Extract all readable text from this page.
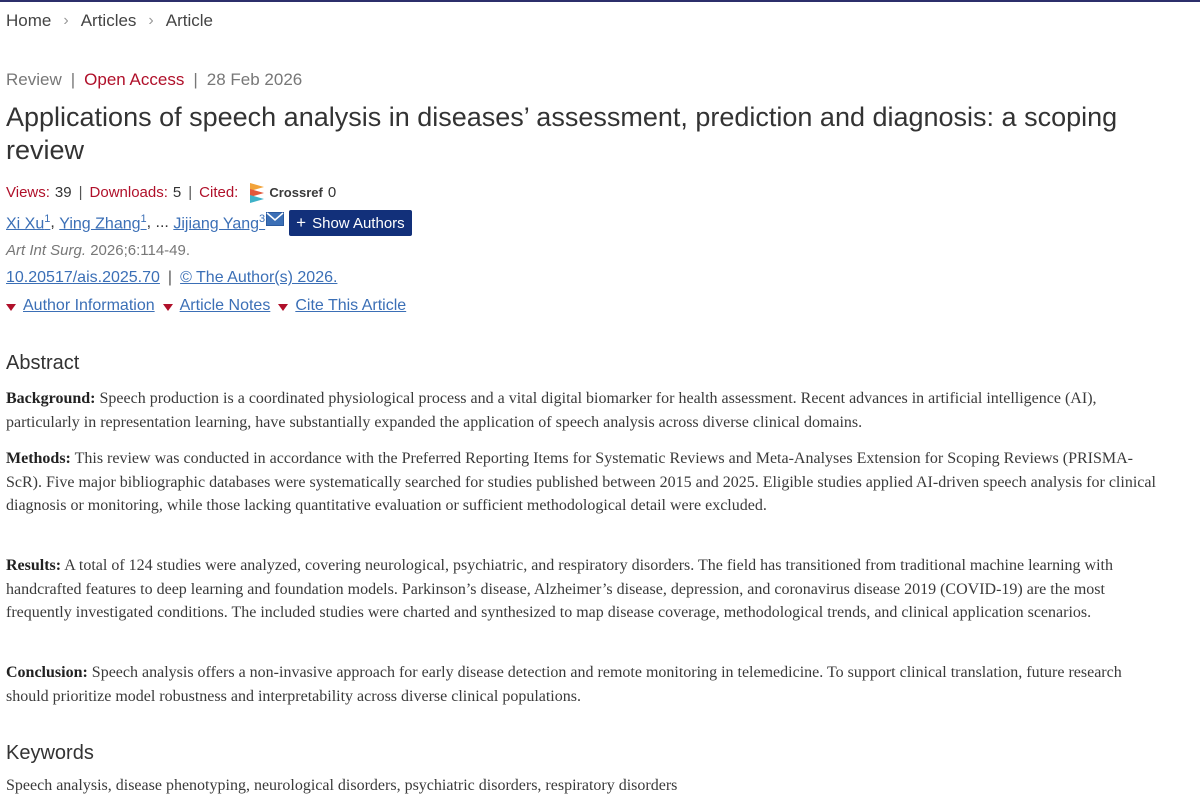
Home › Articles › Article
Review | Open Access | 28 Feb 2026
Applications of speech analysis in diseases’ assessment, prediction and diagnosis: a scoping review
Views: 39 | Downloads: 5 | Cited: Crossref 0
Xi Xu$^1$ , Ying Zhang$^1$ , ...
Jijiang Yang$^3$ + Show Authors
Art Int Surg. 2026;6:114-49.
10.20517/ais.2025.70 | © The Author(s) 2026.
Author Information Article Notes Cite This Article
Abstract

Background: Speech production is a coordinated physiological process and a vital digital biomarker for health assessment. Recent advances in artificial intelligence (AI), particularly in representation learning, have substantially expanded the application of speech analysis across diverse clinical domains.

Methods: This review was conducted in accordance with the Preferred Reporting Items for Systematic Reviews and Meta-Analyses Extension for Scoping Reviews (PRISMA-ScR). Five major bibliographic databases were systematically searched for studies published between 2015 and 2025. Eligible studies applied AI-driven speech analysis for clinical diagnosis or monitoring, while those lacking quantitative evaluation or sufficient methodological detail were excluded.

Results: A total of 124 studies were analyzed, covering neurological, psychiatric, and respiratory disorders. The field has transitioned from traditional machine learning with handcrafted features to deep learning and foundation models. Parkinson’s disease, Alzheimer’s disease, depression, and coronavirus disease 2019 (COVID-19) are the most frequently investigated conditions. The included studies were charted and synthesized to map disease coverage, methodological trends, and clinical application scenarios.

Conclusion: Speech analysis offers a non-invasive approach for early disease detection and remote monitoring in telemedicine. To support clinical translation, future research should prioritize model robustness and interpretability across diverse clinical populations.

Keywords
Speech analysis, disease phenotyping, neurological disorders, psychiatric disorders, respiratory disorders
